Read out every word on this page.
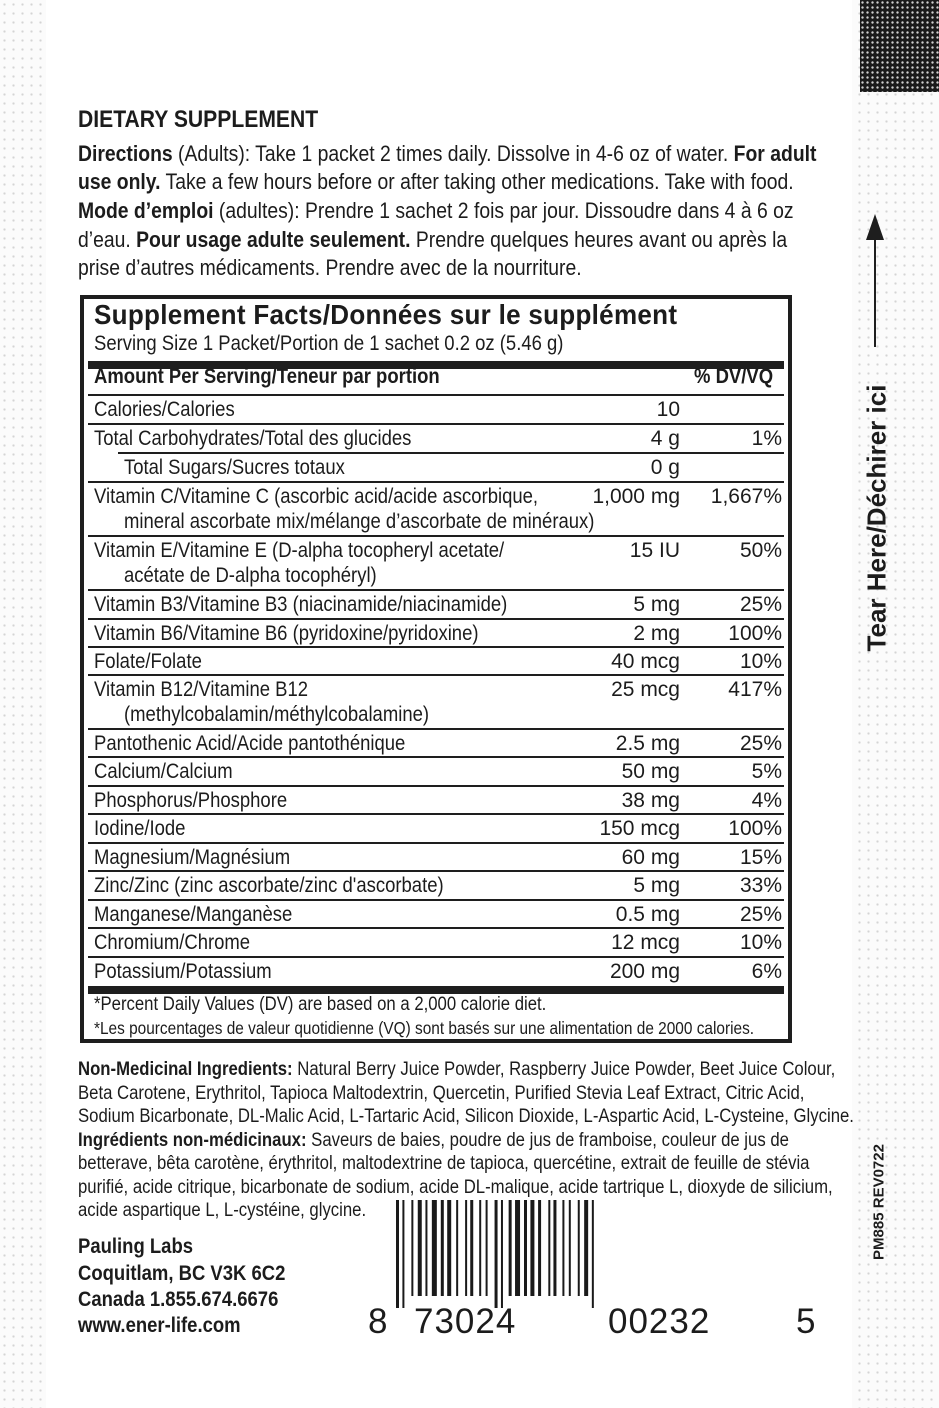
DIETARY SUPPLEMENT
Directions (Adults): Take 1 packet 2 times daily. Dissolve in 4-6 oz of water. For adult
use only. Take a few hours before or after taking other medications. Take with food.
Mode d’emploi (adultes): Prendre 1 sachet 2 fois par jour. Dissoudre dans 4 à 6 oz
d’eau. Pour usage adulte seulement. Prendre quelques heures avant ou après la
prise d’autres médicaments. Prendre avec de la nourriture.
Supplement Facts/Données sur le supplément
Serving Size 1 Packet/Portion de 1 sachet 0.2 oz (5.46 g)
Amount Per Serving/Teneur par portion	% DV/VQ
Calories/Calories	10
Total Carbohydrates/Total des glucides	4 g	1%
Total Sugars/Sucres totaux	0 g
Vitamin C/Vitamine C (ascorbic acid/acide ascorbique,
mineral ascorbate mix/mélange d’ascorbate de minéraux)
1,000 mg	1,667%
Vitamin E/Vitamine E (D-alpha tocopheryl acetate/
acétate de D-alpha tocophéryl)
15 IU	50%
Vitamin B3/Vitamine B3 (niacinamide/niacinamide)	5 mg	25%
Vitamin B6/Vitamine B6 (pyridoxine/pyridoxine)	2 mg	100%
Folate/Folate	40 mcg	10%
Vitamin B12/Vitamine B12
(methylcobalamin/méthylcobalamine)
25 mcg	417%
Pantothenic Acid/Acide pantothénique	2.5 mg	25%
Calcium/Calcium	50 mg	5%
Phosphorus/Phosphore	38 mg	4%
Iodine/Iode	150 mcg	100%
Magnesium/Magnésium	60 mg	15%
Zinc/Zinc (zinc ascorbate/zinc d'ascorbate)	5 mg	33%
Manganese/Manganèse	0.5 mg	25%
Chromium/Chrome	12 mcg	10%
Potassium/Potassium	200 mg	6%
*Percent Daily Values (DV) are based on a 2,000 calorie diet.
*Les pourcentages de valeur quotidienne (VQ) sont basés sur une alimentation de 2000 calories.
Non-Medicinal Ingredients: Natural Berry Juice Powder, Raspberry Juice Powder, Beet Juice Colour,
Beta Carotene, Erythritol, Tapioca Maltodextrin, Quercetin, Purified Stevia Leaf Extract, Citric Acid,
Sodium Bicarbonate, DL-Malic Acid, L-Tartaric Acid, Silicon Dioxide, L-Aspartic Acid, L-Cysteine, Glycine.
Ingrédients non-médicinaux: Saveurs de baies, poudre de jus de framboise, couleur de jus de
betterave, bêta carotène, érythritol, maltodextrine de tapioca, quercétine, extrait de feuille de stévia
purifié, acide citrique, bicarbonate de sodium, acide DL-malique, acide tartrique L, dioxyde de silicium,
acide aspartique L, L-cystéine, glycine.
Pauling Labs
Coquitlam, BC V3K 6C2
Canada 1.855.674.6676
www.ener-life.com	8 73024	00232 5
Tear Here/Déchirer ici
PM885 REV0722
